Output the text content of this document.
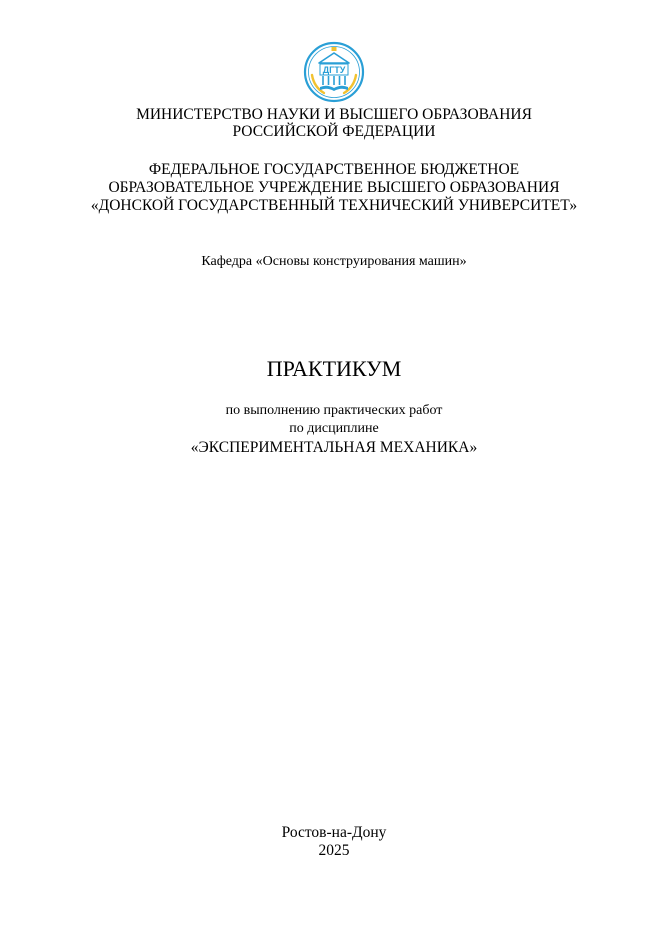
ДГТУ
МИНИСТЕРСТВО НАУКИ И ВЫСШЕГО ОБРАЗОВАНИЯ
РОССИЙСКОЙ ФЕДЕРАЦИИ
ФЕДЕРАЛЬНОЕ ГОСУДАРСТВЕННОЕ БЮДЖЕТНОЕ
ОБРАЗОВАТЕЛЬНОЕ УЧРЕЖДЕНИЕ ВЫСШЕГО ОБРАЗОВАНИЯ
«ДОНСКОЙ ГОСУДАРСТВЕННЫЙ ТЕХНИЧЕСКИЙ УНИВЕРСИТЕТ»
Кафедра «Основы конструирования машин»
ПРАКТИКУМ
по выполнению практических работ
по дисциплине
«ЭКСПЕРИМЕНТАЛЬНАЯ МЕХАНИКА»
Ростов-на-Дону
2025
